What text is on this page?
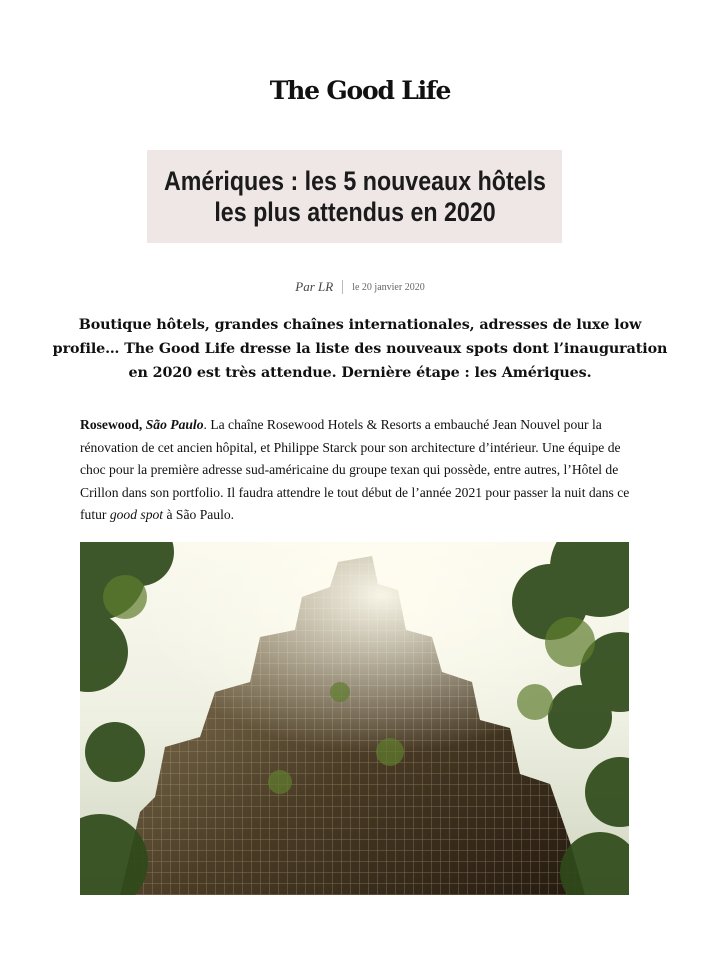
The Good Life
Amériques : les 5 nouveaux hôtels les plus attendus en 2020
Par LR le 20 janvier 2020

Boutique hôtels, grandes chaînes internationales, adresses de luxe low profile… The Good Life dresse la liste des nouveaux spots dont l’inauguration en 2020 est très attendue. Dernière étape : les Amériques.

Rosewood, São Paulo. La chaîne Rosewood Hotels & Resorts a embauché Jean Nouvel pour la rénovation de cet ancien hôpital, et Philippe Starck pour son architecture d’intérieur. Une équipe de choc pour la première adresse sud-américaine du groupe texan qui possède, entre autres, l’Hôtel de Crillon dans son portfolio. Il faudra attendre le tout début de l’année 2021 pour passer la nuit dans ce futur good spot à São Paulo.
